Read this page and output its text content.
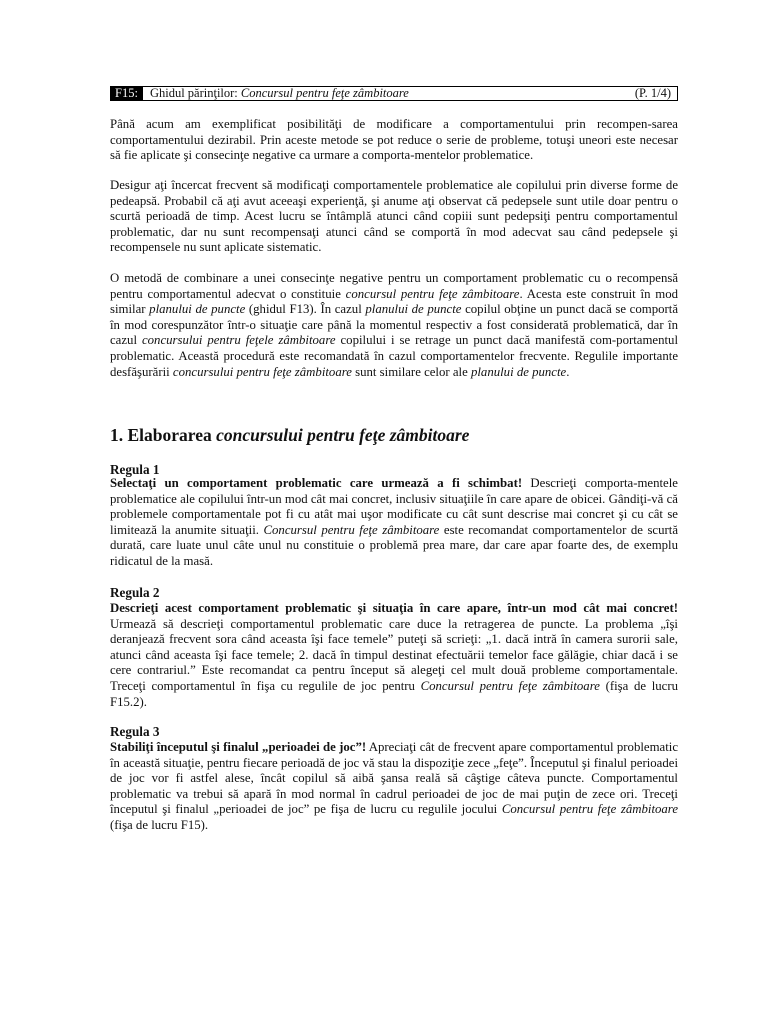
F15: Ghidul părinţilor: Concursul pentru feţe zâmbitoare	(P. 1/4)

Până acum am exemplificat posibilităţi de modificare a comportamentului prin recompen-sarea comportamentului dezirabil. Prin aceste metode se pot reduce o serie de probleme, totuşi uneori este necesar să fie aplicate şi consecinţe negative ca urmare a comporta-mentelor problematice.

Desigur aţi încercat frecvent să modificaţi comportamentele problematice ale copilului prin diverse forme de pedeapsă. Probabil că aţi avut aceeaşi experienţă, şi anume aţi observat că pedepsele sunt utile doar pentru o scurtă perioadă de timp. Acest lucru se întâmplă atunci când copiii sunt pedepsiţi pentru comportamentul problematic, dar nu sunt recompensaţi atunci când se comportă în mod adecvat sau când pedepsele şi recompensele nu sunt aplicate sistematic.

O metodă de combinare a unei consecinţe negative pentru un comportament problematic cu o recompensă pentru comportamentul adecvat o constituie concursul pentru feţe zâmbitoare. Acesta este construit în mod similar planului de puncte (ghidul F13). În cazul planului de puncte copilul obţine un punct dacă se comportă în mod corespunzător într-o situaţie care până la momentul respectiv a fost considerată problematică, dar în cazul concursului pentru feţele zâmbitoare copilului i se retrage un punct dacă manifestă com-portamentul problematic. Această procedură este recomandată în cazul comportamentelor frecvente. Regulile importante desfăşurării concursului pentru feţe zâmbitoare sunt similare celor ale planului de puncte.

1. Elaborarea concursului pentru feţe zâmbitoare

Regula 1

Selectaţi un comportament problematic care urmează a fi schimbat! Descrieţi comporta-mentele problematice ale copilului într-un mod cât mai concret, inclusiv situaţiile în care apare de obicei. Gândiţi-vă că problemele comportamentale pot fi cu atât mai uşor modificate cu cât sunt descrise mai concret şi cu cât se limitează la anumite situaţii. Concursul pentru feţe zâmbitoare este recomandat comportamentelor de scurtă durată, care luate unul câte unul nu constituie o problemă prea mare, dar care apar foarte des, de exemplu ridicatul de la masă.

Regula 2

Descrieţi acest comportament problematic şi situaţia în care apare, într-un mod cât mai concret! Urmează să descrieţi comportamentul problematic care duce la retragerea de puncte. La problema „îşi deranjează frecvent sora când aceasta îşi face temele” puteţi să scrieţi: „1. dacă intră în camera surorii sale, atunci când aceasta îşi face temele; 2. dacă în timpul destinat efectuării temelor face gălăgie, chiar dacă i se cere contrariul.” Este recomandat ca pentru început să alegeţi cel mult două probleme comportamentale. Treceţi comportamentul în fişa cu regulile de joc pentru Concursul pentru feţe zâmbitoare (fişa de lucru F15.2).

Regula 3

Stabiliţi începutul şi finalul „perioadei de joc”! Apreciaţi cât de frecvent apare comportamentul problematic în această situaţie, pentru fiecare perioadă de joc vă stau la dispoziţie zece „feţe”. Începutul şi finalul perioadei de joc vor fi astfel alese, încât copilul să aibă şansa reală să câştige câteva puncte. Comportamentul problematic va trebui să apară în mod normal în cadrul perioadei de joc de mai puţin de zece ori. Treceţi începutul şi finalul „perioadei de joc” pe fişa de lucru cu regulile jocului Concursul pentru feţe zâmbitoare (fişa de lucru F15).
